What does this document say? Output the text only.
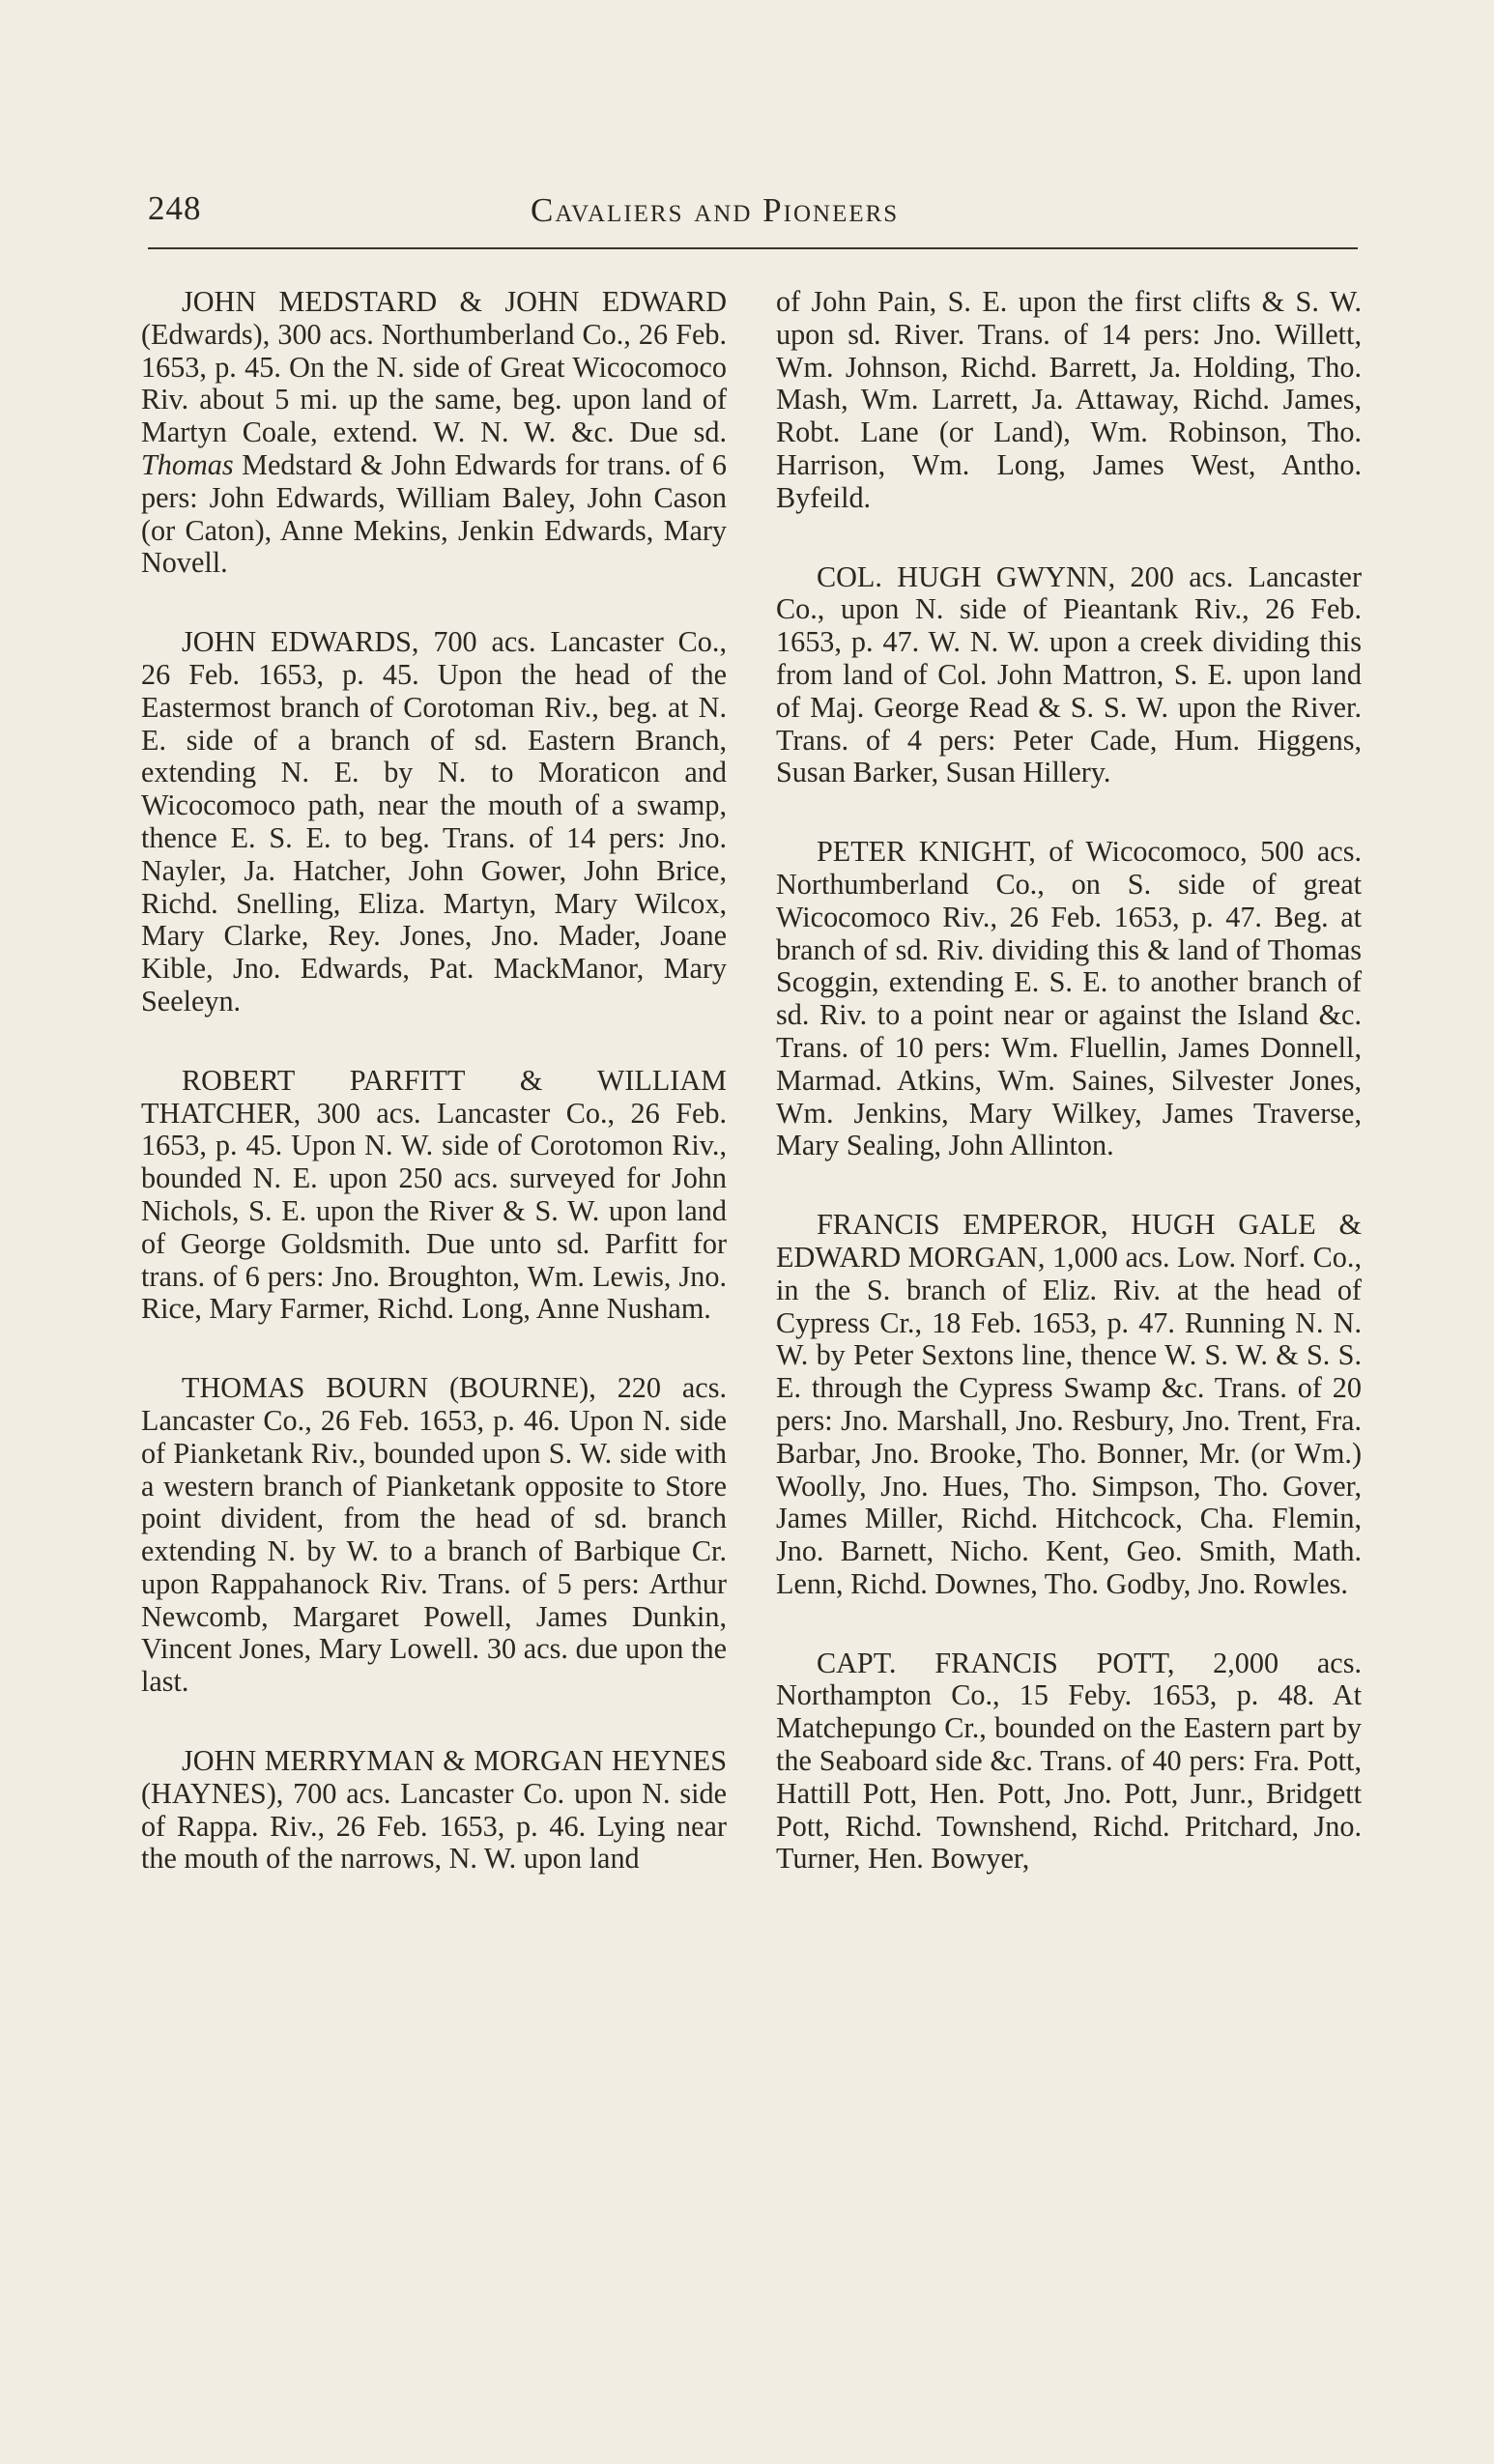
248	Cavaliers and Pioneers

JOHN MEDSTARD & JOHN EDWARD (Edwards), 300 acs. Northumberland Co., 26 Feb. 1653, p. 45. On the N. side of Great Wicocomoco Riv. about 5 mi. up the same, beg. upon land of Martyn Coale, extend. W. N. W. &c. Due sd. Thomas Medstard & John Edwards for trans. of 6 pers: John Edwards, William Baley, John Cason (or Caton), Anne Mekins, Jenkin Edwards, Mary Novell.

JOHN EDWARDS, 700 acs. Lancaster Co., 26 Feb. 1653, p. 45. Upon the head of the Eastermost branch of Corotoman Riv., beg. at N. E. side of a branch of sd. Eastern Branch, extending N. E. by N. to Moraticon and Wicocomoco path, near the mouth of a swamp, thence E. S. E. to beg. Trans. of 14 pers: Jno. Nayler, Ja. Hatcher, John Gower, John Brice, Richd. Snelling, Eliza. Martyn, Mary Wilcox, Mary Clarke, Rey. Jones, Jno. Mader, Joane Kible, Jno. Edwards, Pat. MackManor, Mary Seeleyn.

ROBERT PARFITT & WILLIAM THATCHER, 300 acs. Lancaster Co., 26 Feb. 1653, p. 45. Upon N. W. side of Corotomon Riv., bounded N. E. upon 250 acs. surveyed for John Nichols, S. E. upon the River & S. W. upon land of George Goldsmith. Due unto sd. Parfitt for trans. of 6 pers: Jno. Broughton, Wm. Lewis, Jno. Rice, Mary Farmer, Richd. Long, Anne Nusham.

THOMAS BOURN (BOURNE), 220 acs. Lancaster Co., 26 Feb. 1653, p. 46. Upon N. side of Pianketank Riv., bounded upon S. W. side with a western branch of Pianketank opposite to Store point divident, from the head of sd. branch extending N. by W. to a branch of Barbique Cr. upon Rappahanock Riv. Trans. of 5 pers: Arthur Newcomb, Margaret Powell, James Dunkin, Vincent Jones, Mary Lowell. 30 acs. due upon the last.

JOHN MERRYMAN & MORGAN HEYNES (HAYNES), 700 acs. Lancaster Co. upon N. side of Rappa. Riv., 26 Feb. 1653, p. 46. Lying near the mouth of the narrows, N. W. upon land

of John Pain, S. E. upon the first clifts & S. W. upon sd. River. Trans. of 14 pers: Jno. Willett, Wm. Johnson, Richd. Barrett, Ja. Holding, Tho. Mash, Wm. Larrett, Ja. Attaway, Richd. James, Robt. Lane (or Land), Wm. Robinson, Tho. Harrison, Wm. Long, James West, Antho. Byfeild.

COL. HUGH GWYNN, 200 acs. Lancaster Co., upon N. side of Pieantank Riv., 26 Feb. 1653, p. 47. W. N. W. upon a creek dividing this from land of Col. John Mattron, S. E. upon land of Maj. George Read & S. S. W. upon the River. Trans. of 4 pers: Peter Cade, Hum. Higgens, Susan Barker, Susan Hillery.

PETER KNIGHT, of Wicocomoco, 500 acs. Northumberland Co., on S. side of great Wicocomoco Riv., 26 Feb. 1653, p. 47. Beg. at branch of sd. Riv. dividing this & land of Thomas Scoggin, extending E. S. E. to another branch of sd. Riv. to a point near or against the Island &c. Trans. of 10 pers: Wm. Fluellin, James Donnell, Marmad. Atkins, Wm. Saines, Silvester Jones, Wm. Jenkins, Mary Wilkey, James Traverse, Mary Sealing, John Allinton.

FRANCIS EMPEROR, HUGH GALE & EDWARD MORGAN, 1,000 acs. Low. Norf. Co., in the S. branch of Eliz. Riv. at the head of Cypress Cr., 18 Feb. 1653, p. 47. Running N. N. W. by Peter Sextons line, thence W. S. W. & S. S. E. through the Cypress Swamp &c. Trans. of 20 pers: Jno. Marshall, Jno. Resbury, Jno. Trent, Fra. Barbar, Jno. Brooke, Tho. Bonner, Mr. (or Wm.) Woolly, Jno. Hues, Tho. Simpson, Tho. Gover, James Miller, Richd. Hitchcock, Cha. Flemin, Jno. Barnett, Nicho. Kent, Geo. Smith, Math. Lenn, Richd. Downes, Tho. Godby, Jno. Rowles.

CAPT. FRANCIS POTT, 2,000 acs. Northampton Co., 15 Feby. 1653, p. 48. At Matchepungo Cr., bounded on the Eastern part by the Seaboard side &c. Trans. of 40 pers: Fra. Pott, Hattill Pott, Hen. Pott, Jno. Pott, Junr., Bridgett Pott, Richd. Townshend, Richd. Pritchard, Jno. Turner, Hen. Bowyer,
